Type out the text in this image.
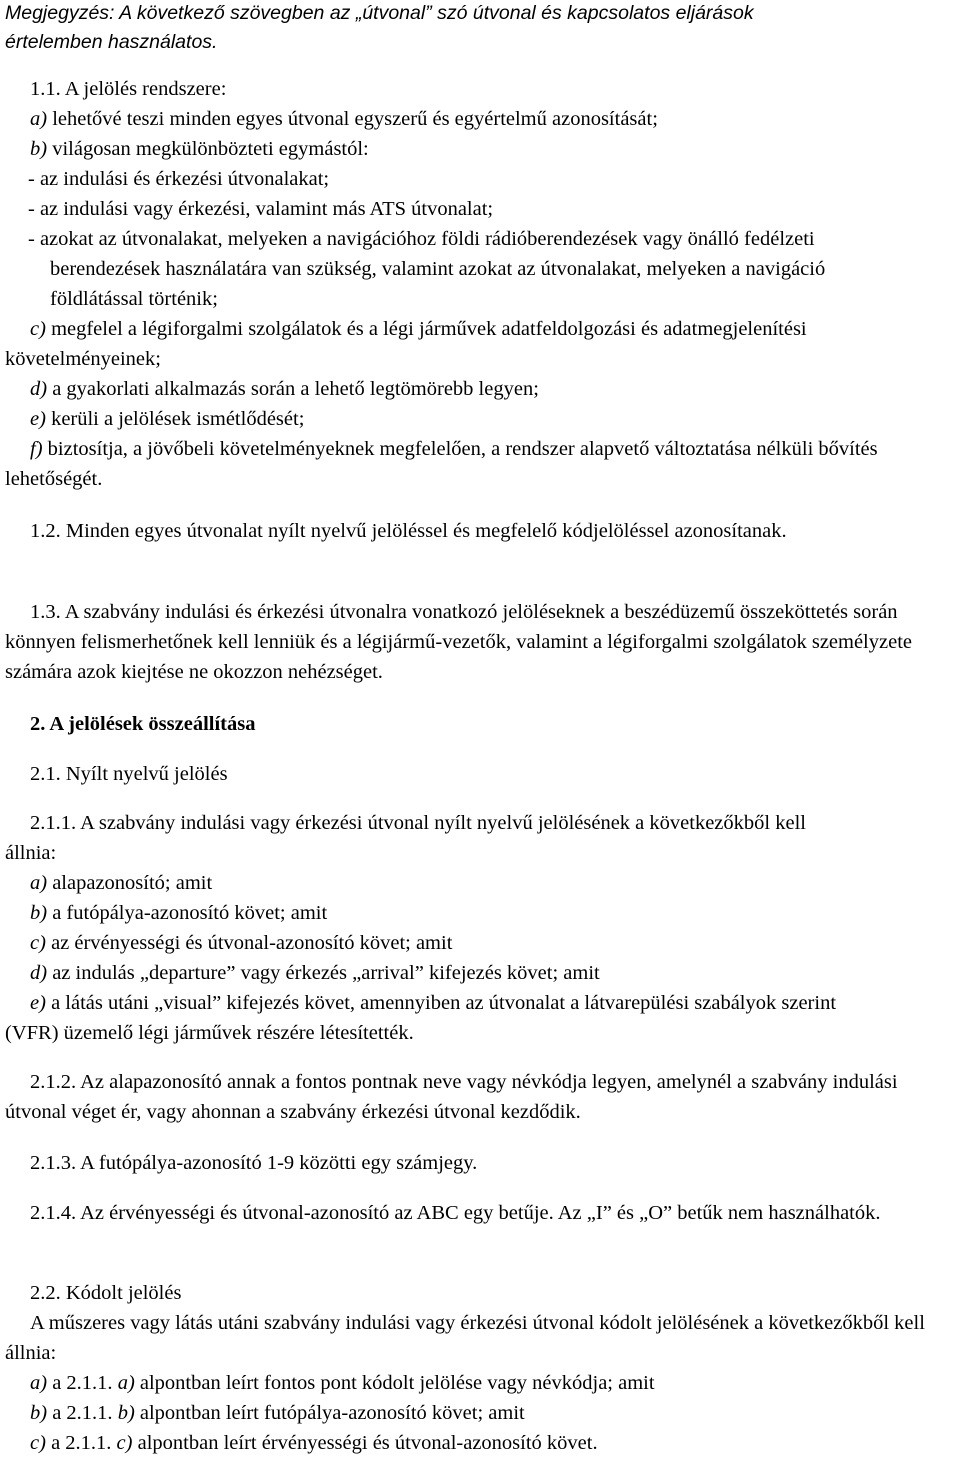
Megjegyzés: A következő szövegben az „útvonal” szó útvonal és kapcsolatos eljárások
értelemben használatos.

1.1. A jelölés rendszere:

a) lehetővé teszi minden egyes útvonal egyszerű és egyértelmű azonosítását;

b) világosan megkülönbözteti egymástól:

- az indulási és érkezési útvonalakat;

- az indulási vagy érkezési, valamint más ATS útvonalat;

- azokat az útvonalakat, melyeken a navigációhoz földi rádióberendezések vagy önálló fedélzeti berendezések használatára van szükség, valamint azokat az útvonalakat, melyeken a navigáció földlátással történik;

c) megfelel a légiforgalmi szolgálatok és a légi járművek adatfeldolgozási és adatmegjelenítési követelményeinek;

d) a gyakorlati alkalmazás során a lehető legtömörebb legyen;

e) kerüli a jelölések ismétlődését;

f) biztosítja, a jövőbeli követelményeknek megfelelően, a rendszer alapvető változtatása nélküli bővítés lehetőségét.

1.2. Minden egyes útvonalat nyílt nyelvű jelöléssel és megfelelő kódjelöléssel azonosítanak.

1.3. A szabvány indulási és érkezési útvonalra vonatkozó jelöléseknek a beszédüzemű összeköttetés során könnyen felismerhetőnek kell lenniük és a légijármű-vezetők, valamint a légiforgalmi szolgálatok személyzete számára azok kiejtése ne okozzon nehézséget.

2. A jelölések összeállítása

2.1. Nyílt nyelvű jelölés

2.1.1. A szabvány indulási vagy érkezési útvonal nyílt nyelvű jelölésének a következőkből kell állnia:

a) alapazonosító; amit

b) a futópálya-azonosító követ; amit

c) az érvényességi és útvonal-azonosító követ; amit

d) az indulás „departure” vagy érkezés „arrival” kifejezés követ; amit

e) a látás utáni „visual” kifejezés követ, amennyiben az útvonalat a látvarepülési szabályok szerint (VFR) üzemelő légi járművek részére létesítették.

2.1.2. Az alapazonosító annak a fontos pontnak neve vagy névkódja legyen, amelynél a szabvány indulási útvonal véget ér, vagy ahonnan a szabvány érkezési útvonal kezdődik.

2.1.3. A futópálya-azonosító 1-9 közötti egy számjegy.

2.1.4. Az érvényességi és útvonal-azonosító az ABC egy betűje. Az „I” és „O” betűk nem használhatók.

2.2. Kódolt jelölés

A műszeres vagy látás utáni szabvány indulási vagy érkezési útvonal kódolt jelölésének a következőkből kell állnia:

a) a 2.1.1. a) alpontban leírt fontos pont kódolt jelölése vagy névkódja; amit

b) a 2.1.1. b) alpontban leírt futópálya-azonosító követ; amit

c) a 2.1.1. c) alpontban leírt érvényességi és útvonal-azonosító követ.
